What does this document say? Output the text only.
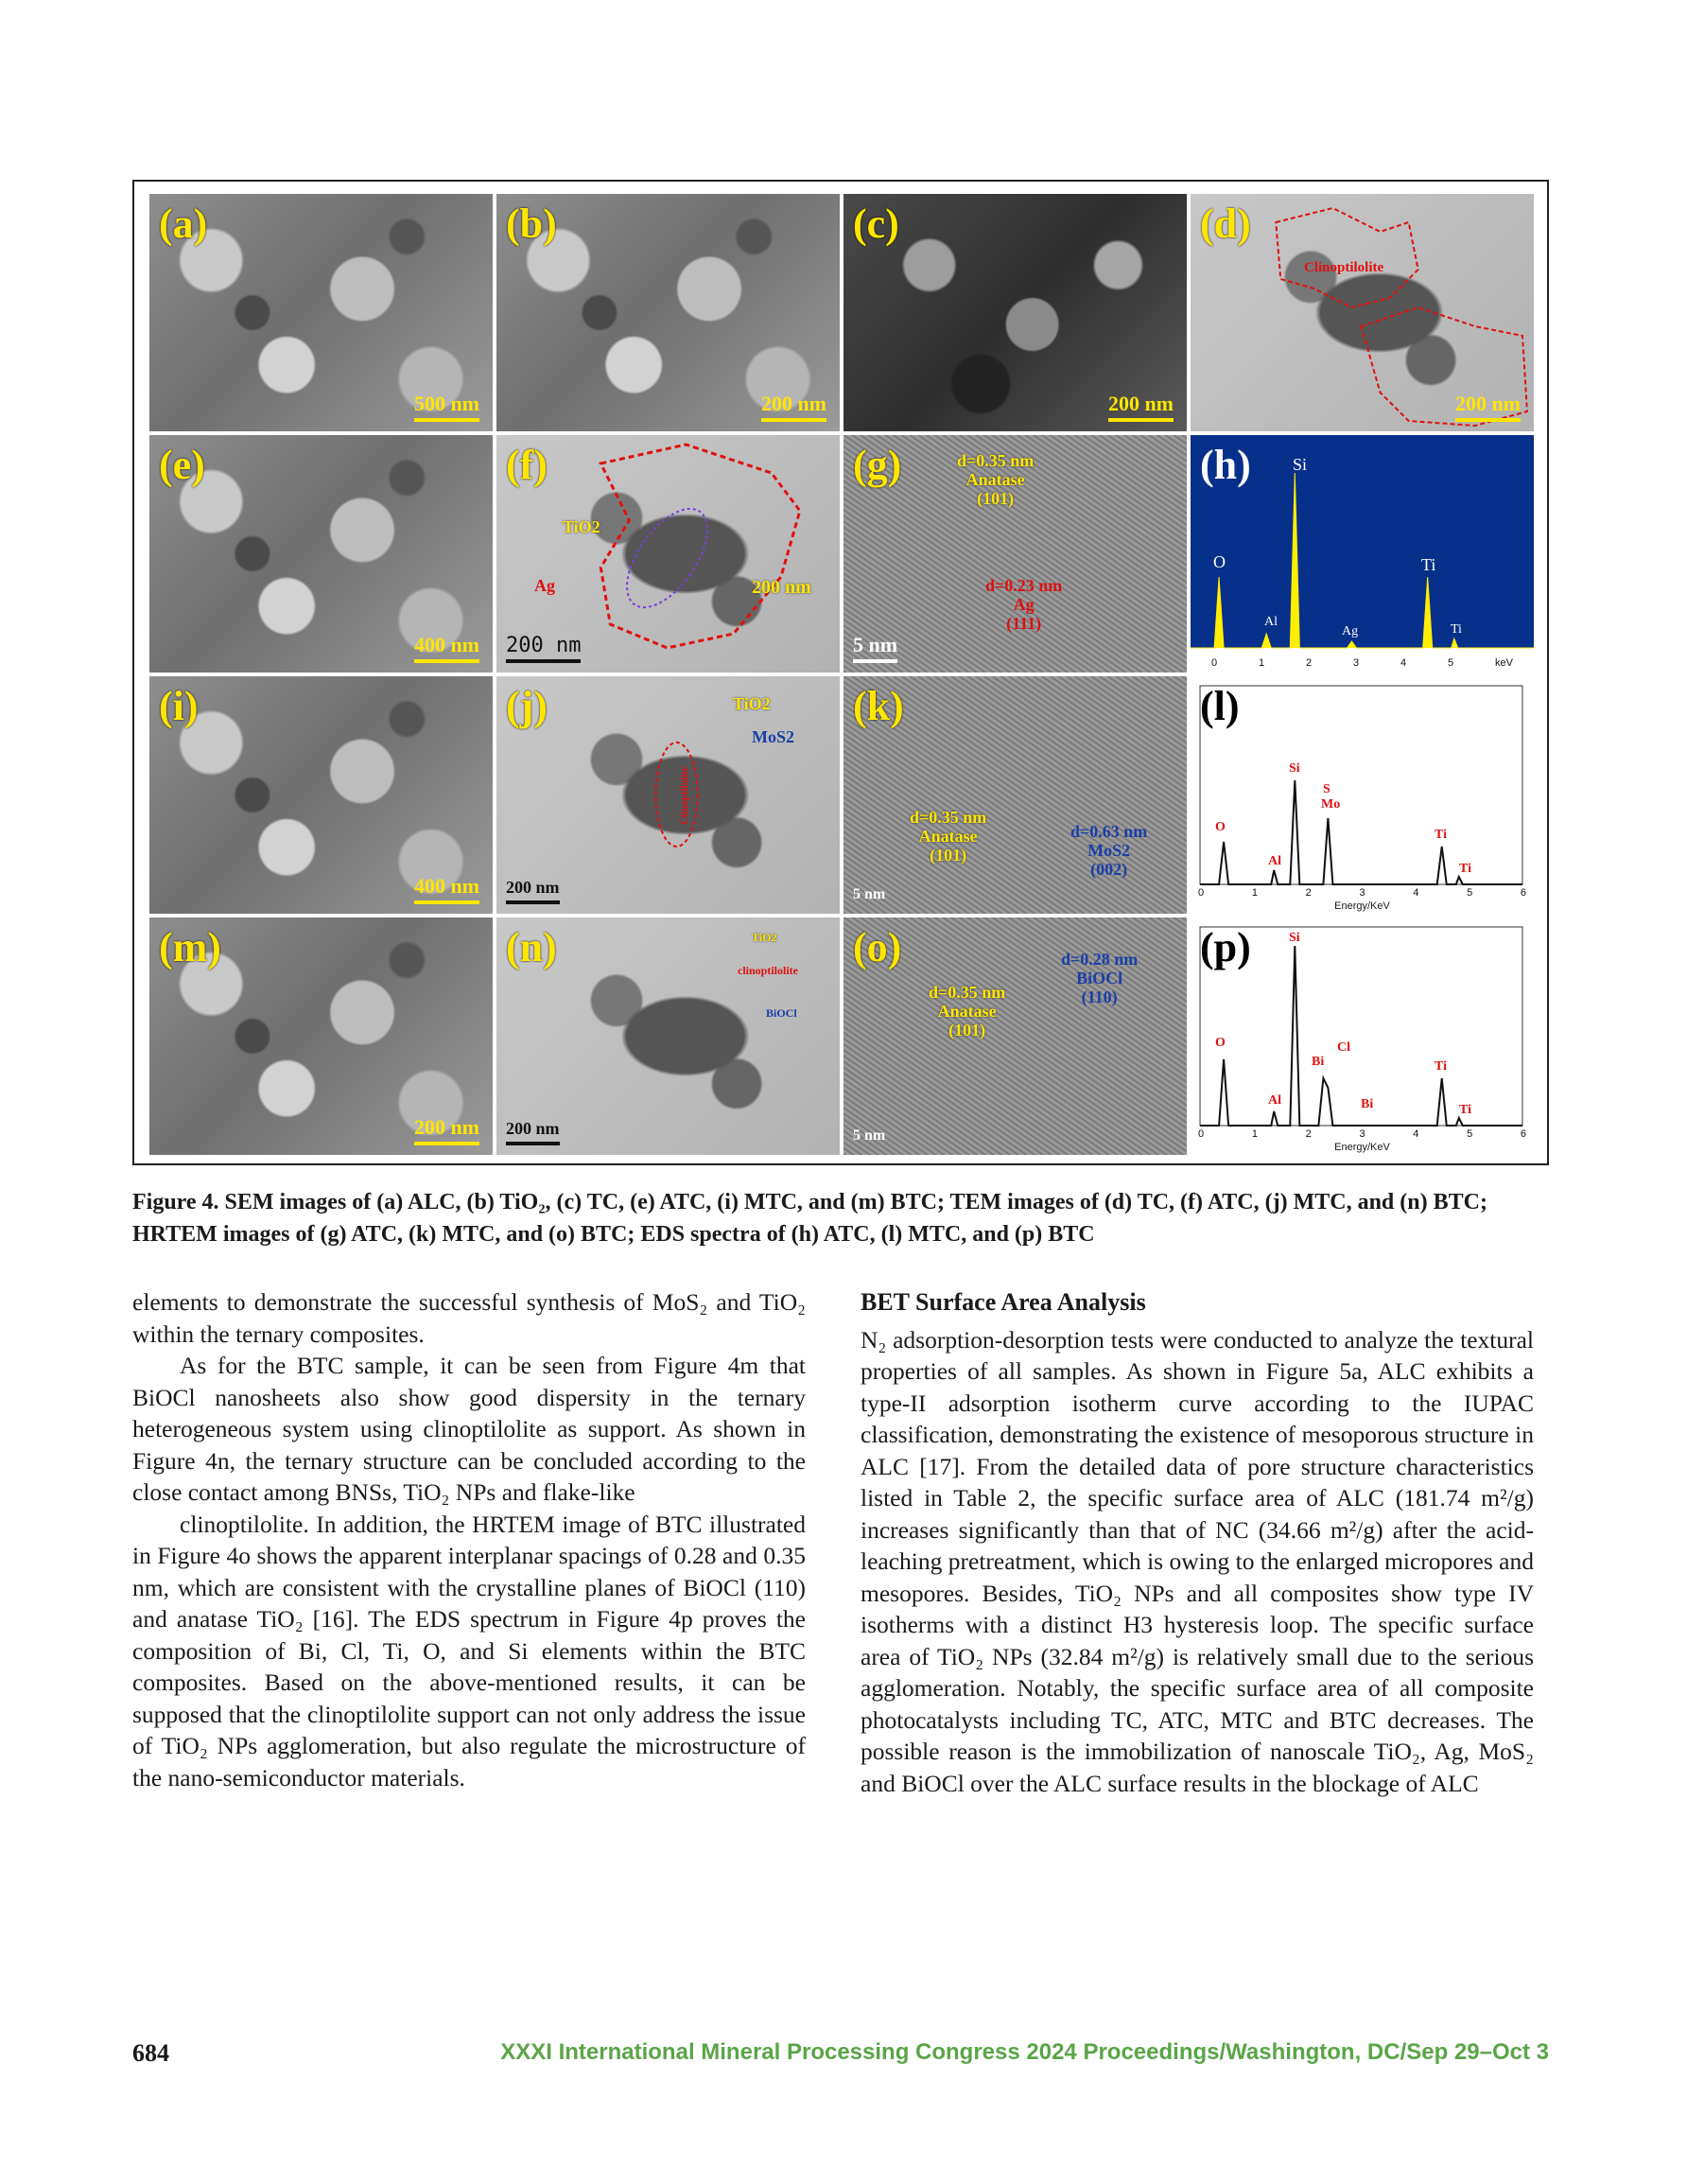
(a)
500 nm
(b)
200 nm
(c)
200 nm
(d)
Clinoptilolite
200 nm
(e)
400 nm
(f)
TiO2
Ag	200 nm
200 nm
(g)	d=0.35 nm
Anatase
(101)
d=0.23 nm
Ag
(111)
5 nm
(h)
O
Al
Si
Ag
Ti
Ti
0	1	2	3	4	5	keV
(i)
400 nm
(j)	TiO2
MoS2
Clinoptilolite
200 nm
(k)
d=0.35 nm
Anatase
(101)
d=0.63 nm
MoS2
(002)
5 nm
(l)
O
Al
Si
S
Mo
Ti
Ti
0	1	2	3	4	5	6
Energy/KeV
(m)
200 nm
(n)	TiO2
clinoptilolite
BiOCl
200 nm
(o)
d=0.35 nm
Anatase
(101)
d=0.28 nm
BiOCl
(110)
5 nm
(p)
O
Al
Si
Bi
Cl
Bi
Ti
Ti
0	1	2	3	4	5	6
Energy/KeV
Figure 4. SEM images of (a) ALC, (b) TiO₂, (c) TC, (e) ATC, (i) MTC, and (m) BTC; TEM images of (d) TC, (f) ATC, (j) MTC, and (n) BTC; HRTEM images of (g) ATC, (k) MTC, and (o) BTC; EDS spectra of (h) ATC, (l) MTC, and (p) BTC

elements to demonstrate the successful synthesis of MoS₂ and TiO₂ within the ternary composites.

As for the BTC sample, it can be seen from Figure 4m that BiOCl nanosheets also show good dispersity in the ternary heterogeneous system using clinoptilolite as support. As shown in Figure 4n, the ternary structure can be concluded according to the close contact among BNSs, TiO₂ NPs and flake-like

clinoptilolite. In addition, the HRTEM image of BTC illustrated in Figure 4o shows the apparent interplanar spacings of 0.28 and 0.35 nm, which are consistent with the crystalline planes of BiOCl (110) and anatase TiO₂ [16]. The EDS spectrum in Figure 4p proves the composition of Bi, Cl, Ti, O, and Si elements within the BTC composites. Based on the above-mentioned results, it can be supposed that the clinoptilolite support can not only address the issue of TiO₂ NPs agglomeration, but also regulate the microstructure of the nano-semiconductor materials.

BET Surface Area Analysis

N₂ adsorption-desorption tests were conducted to analyze the textural properties of all samples. As shown in Figure 5a, ALC exhibits a type-II adsorption isotherm curve according to the IUPAC classification, demonstrating the existence of mesoporous structure in ALC [17]. From the detailed data of pore structure characteristics listed in Table 2, the specific surface area of ALC (181.74 m²/g) increases significantly than that of NC (34.66 m²/g) after the acid-leaching pretreatment, which is owing to the enlarged micropores and mesopores. Besides, TiO₂ NPs and all composites show type IV isotherms with a distinct H3 hysteresis loop. The specific surface area of TiO₂ NPs (32.84 m²/g) is relatively small due to the serious agglomeration. Notably, the specific surface area of all composite photocatalysts including TC, ATC, MTC and BTC decreases. The possible reason is the immobilization of nanoscale TiO₂, Ag, MoS₂ and BiOCl over the ALC surface results in the blockage of ALC

684	XXXI International Mineral Processing Congress 2024 Proceedings/Washington, DC/Sep 29–Oct 3
